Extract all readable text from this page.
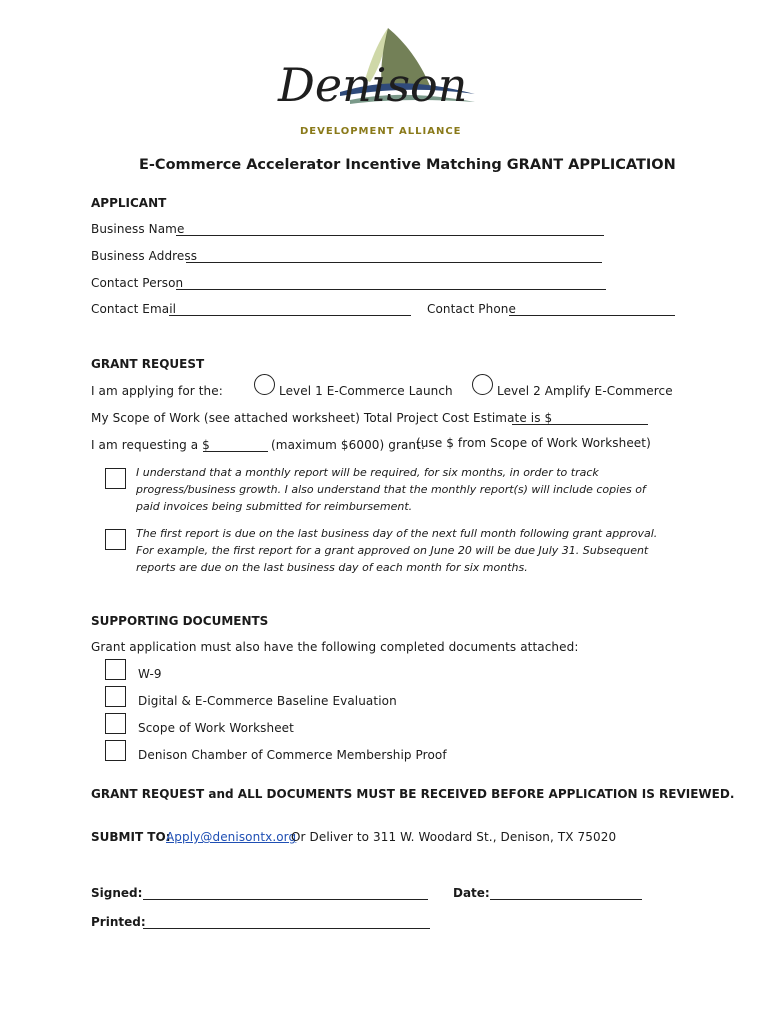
Denison
DEVELOPMENT ALLIANCE
E-Commerce Accelerator Incentive Matching GRANT APPLICATION
APPLICANT
Business Name
Business Address
Contact Person
Contact Email	Contact Phone
GRANT REQUEST
I am applying for the:	Level 1 E-Commerce Launch	Level 2 Amplify E-Commerce
My Scope of Work (see attached worksheet) Total Project Cost Estimate is $
I am requesting a $	(maximum $6000) grant.
(use $ from Scope of Work Worksheet)
I understand that a monthly report will be required, for six months, in order to track progress/business growth. I also understand that the monthly report(s) will include copies of paid invoices being submitted for reimbursement.
The first report is due on the last business day of the next full month following grant approval. For example, the first report for a grant approved on June 20 will be due July 31. Subsequent reports are due on the last business day of each month for six months.
SUPPORTING DOCUMENTS
Grant application must also have the following completed documents attached:
W-9
Digital & E-Commerce Baseline Evaluation
Scope of Work Worksheet
Denison Chamber of Commerce Membership Proof
GRANT REQUEST and ALL DOCUMENTS MUST BE RECEIVED BEFORE APPLICATION IS REVIEWED.
SUBMIT TO:
Apply@denisontx.org
Or Deliver to 311 W. Woodard St., Denison, TX 75020
Signed:	Date:
Printed:
